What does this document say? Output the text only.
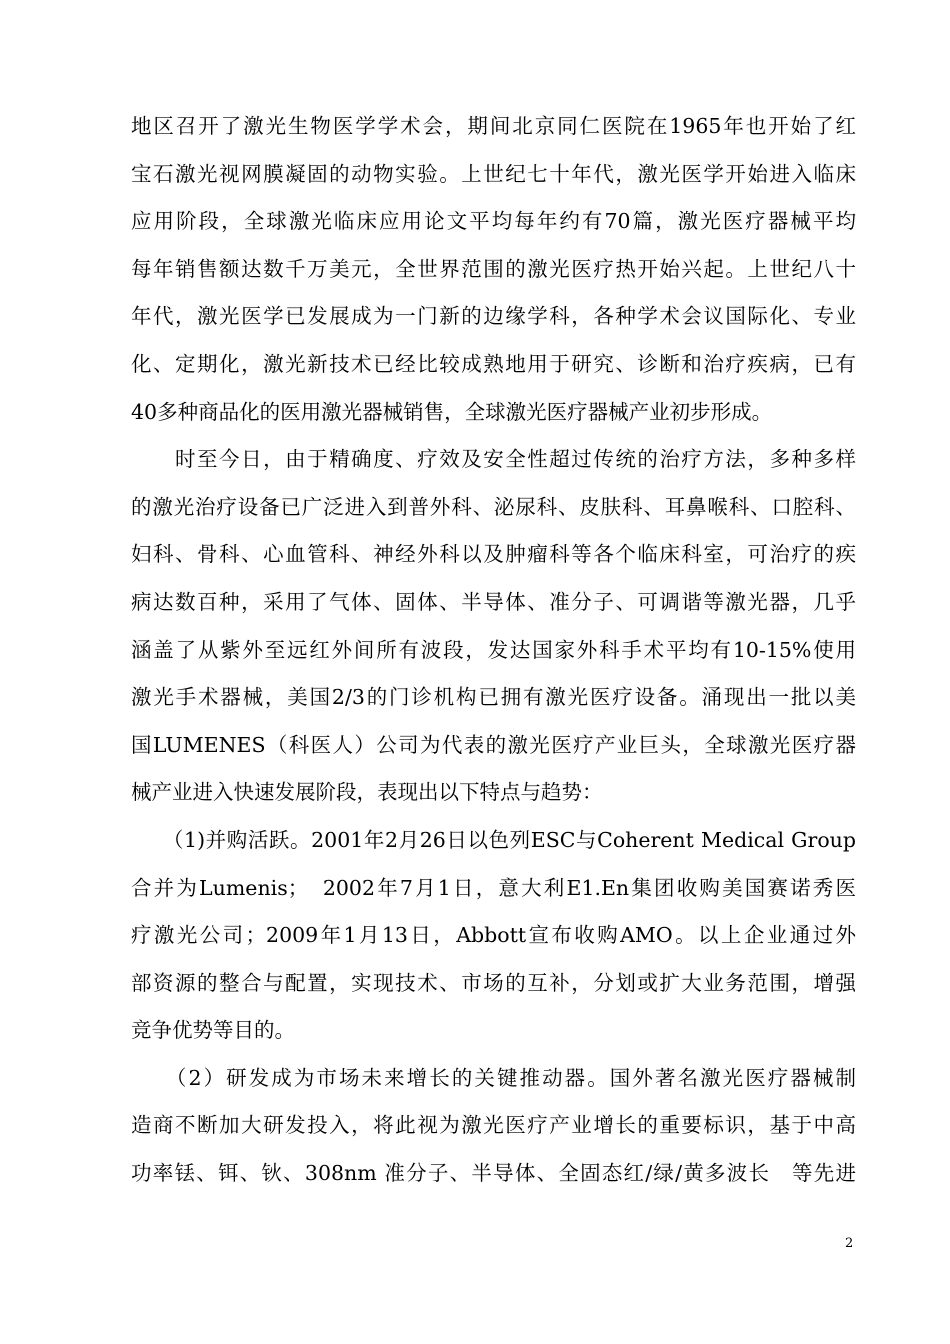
地区召开了激光生物医学学术会，期间北京同仁医院在1965年也开始了红
宝石激光视网膜凝固的动物实验。上世纪七十年代，激光医学开始进入临床
应用阶段，全球激光临床应用论文平均每年约有70篇，激光医疗器械平均
每年销售额达数千万美元，全世界范围的激光医疗热开始兴起。上世纪八十
年代，激光医学已发展成为一门新的边缘学科，各种学术会议国际化、专业
化、定期化，激光新技术已经比较成熟地用于研究、诊断和治疗疾病，已有
40多种商品化的医用激光器械销售，全球激光医疗器械产业初步形成。
　　时至今日，由于精确度、疗效及安全性超过传统的治疗方法，多种多样
的激光治疗设备已广泛进入到普外科、泌尿科、皮肤科、耳鼻喉科、口腔科、
妇科、骨科、心血管科、神经外科以及肿瘤科等各个临床科室，可治疗的疾
病达数百种，采用了气体、固体、半导体、准分子、可调谐等激光器，几乎
涵盖了从紫外至远红外间所有波段，发达国家外科手术平均有10-15%使用
激光手术器械，美国2/3的门诊机构已拥有激光医疗设备。涌现出一批以美
国LUMENES（科医人）公司为代表的激光医疗产业巨头，全球激光医疗器
械产业进入快速发展阶段，表现出以下特点与趋势：
　　（1)并购活跃。2001年2月26日以色列ESC与Coherent Medical Group
合并为Lumenis；　2002年7月1日，意大利E1.En集团收购美国赛诺秀医
疗激光公司；2009年1月13日，Abbott宣布收购AMO。以上企业通过外
部资源的整合与配置，实现技术、市场的互补，分划或扩大业务范围，增强
竞争优势等目的。
　　（2）研发成为市场未来增长的关键推动器。国外著名激光医疗器械制
造商不断加大研发投入，将此视为激光医疗产业增长的重要标识，基于中高
功率铥、铒、钬、308nm 准分子、半导体、全固态红/绿/黄多波长　等先进
2
